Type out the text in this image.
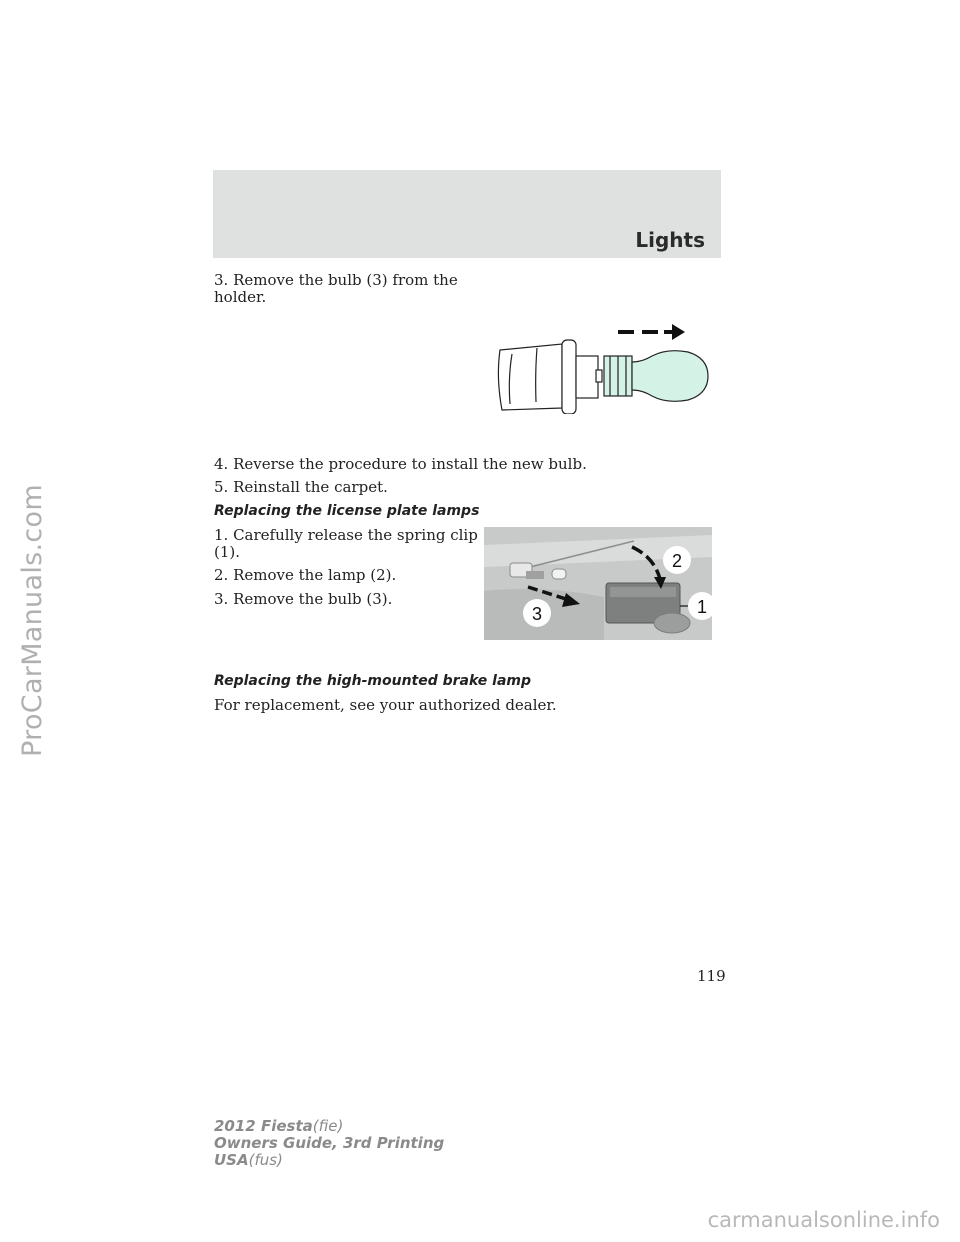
ProCarManuals.com
Lights
3. Remove the bulb (3) from the
holder.
4. Reverse the procedure to install the new bulb.
5. Reinstall the carpet.
Replacing the license plate lamps
1. Carefully release the spring clip
(1).
2. Remove the lamp (2).
3. Remove the bulb (3).
2
1
3
Replacing the high-mounted brake lamp
For replacement, see your authorized dealer.
119
2012 Fiesta(fie)
Owners Guide, 3rd Printing
USA(fus)
carmanualsonline.info
